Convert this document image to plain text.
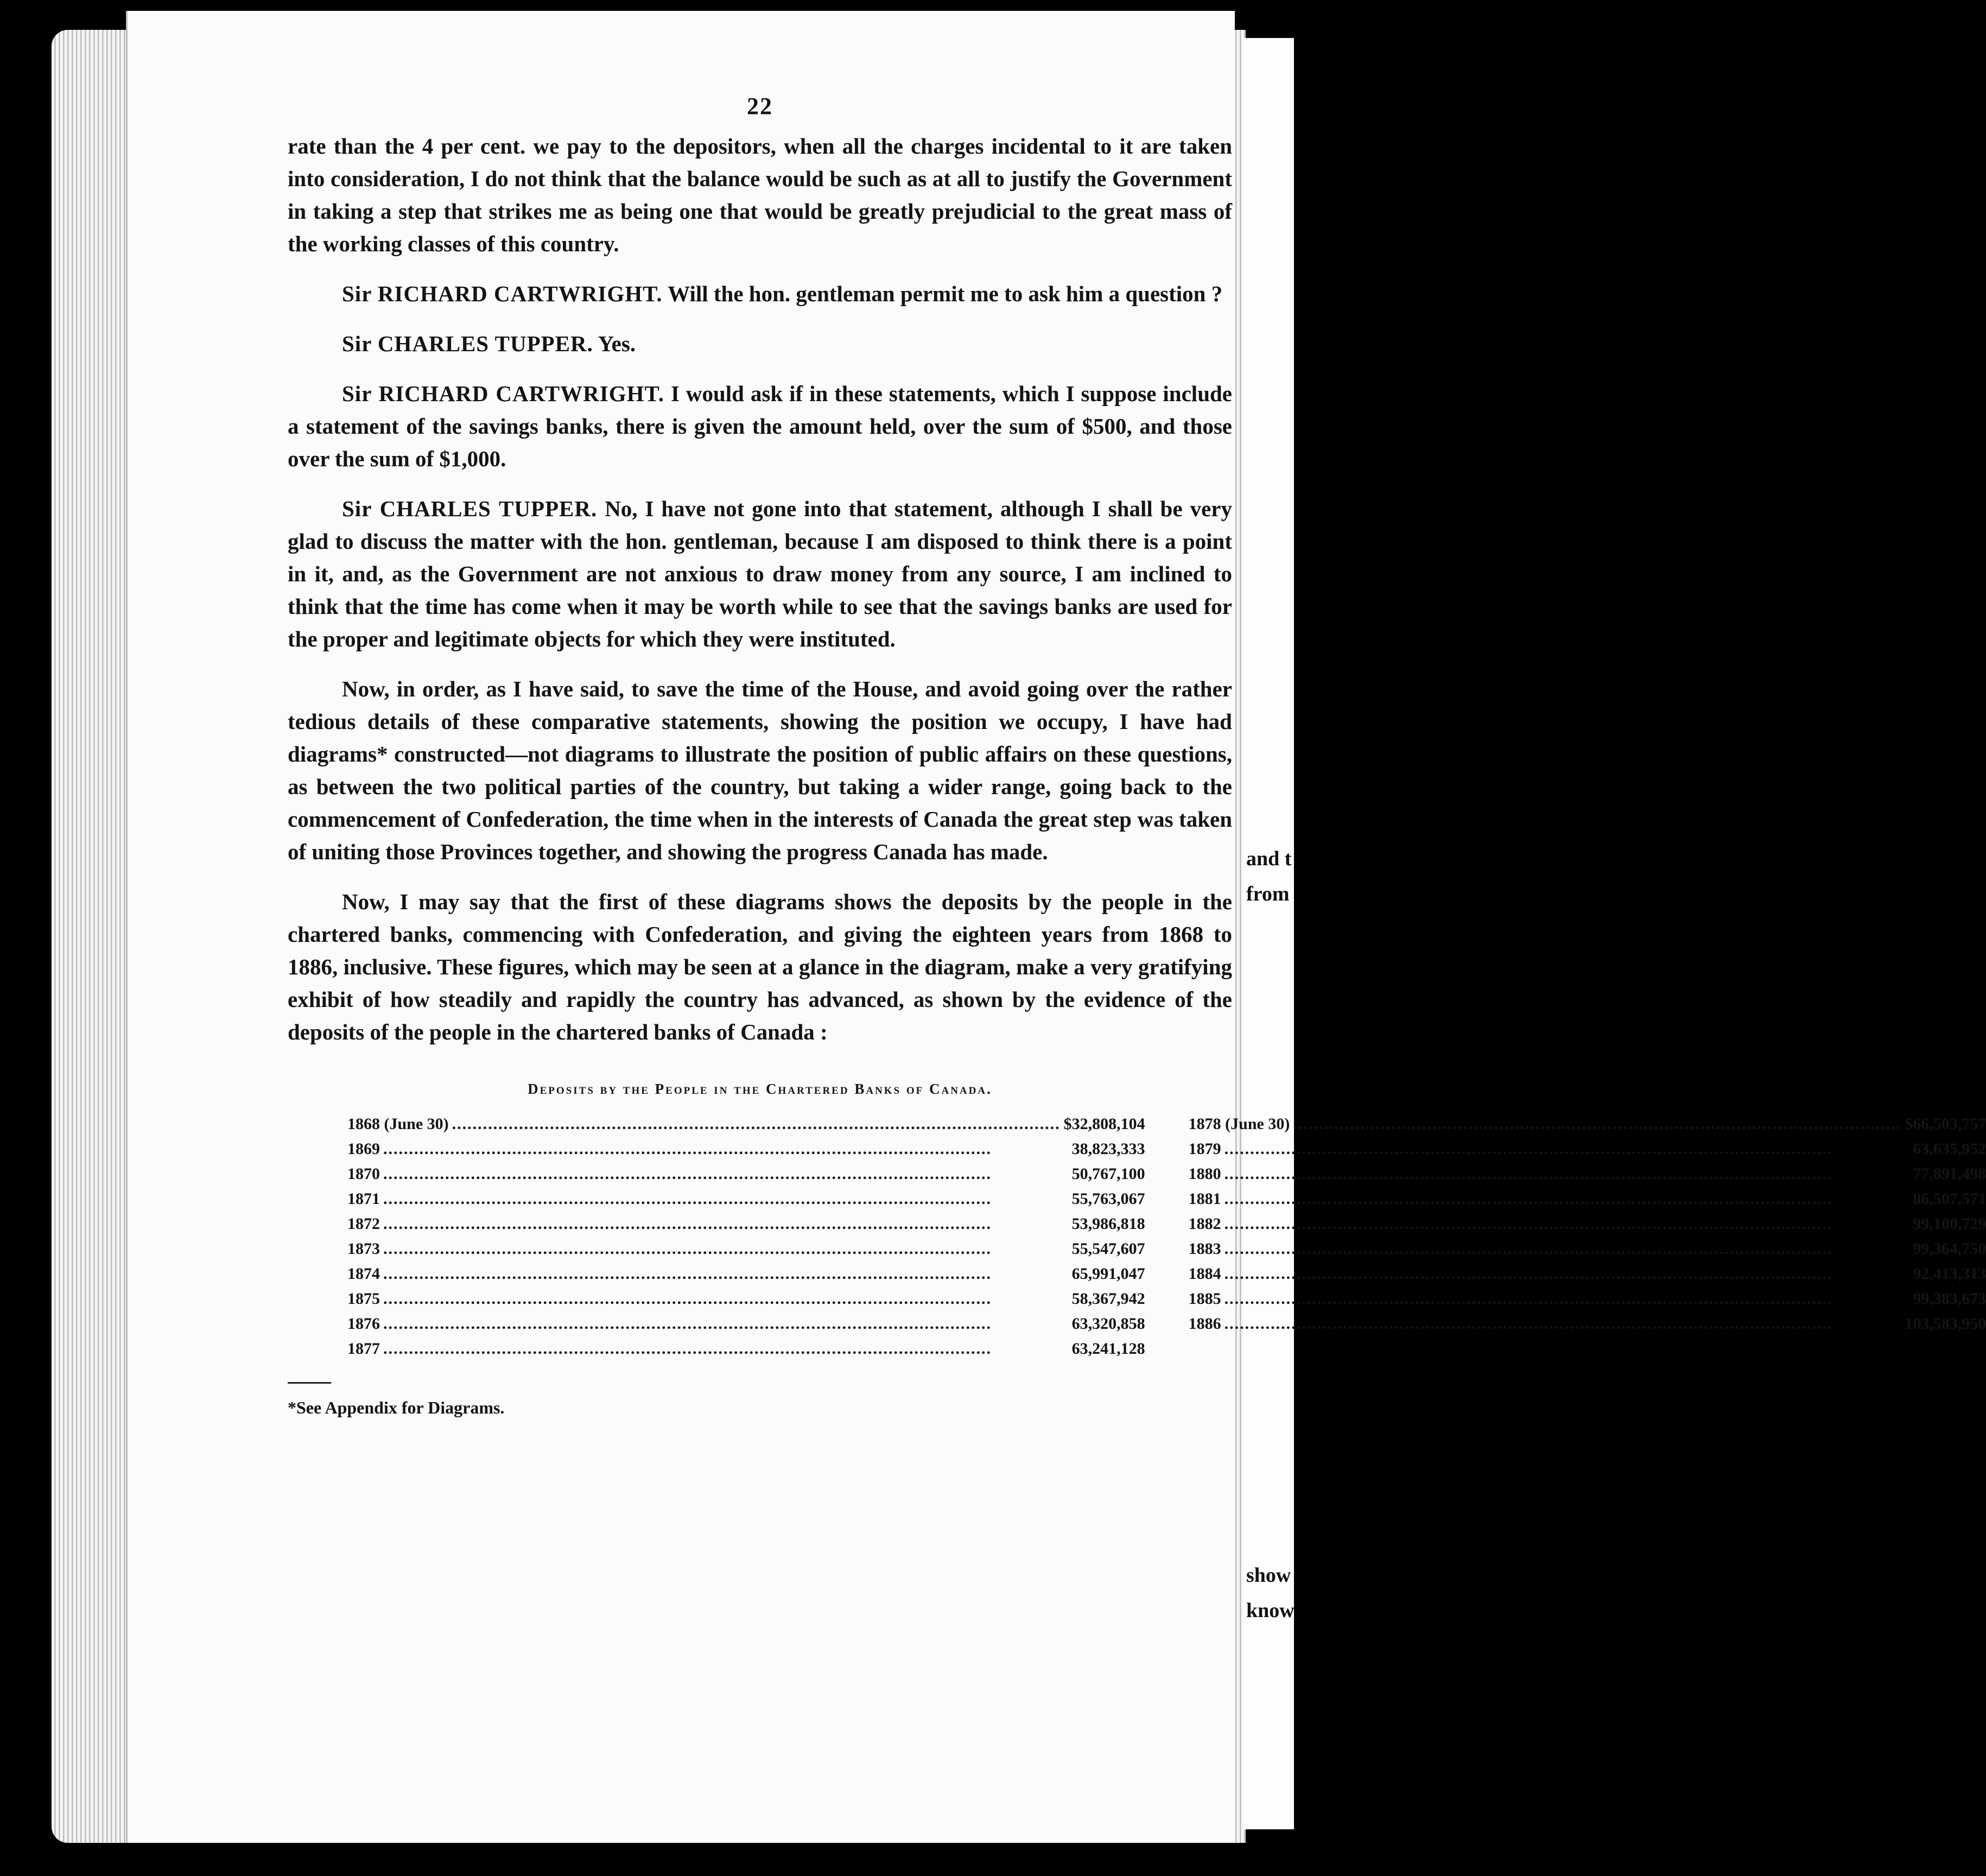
and t
from
show
know
22

rate than the 4 per cent. we pay to the depositors, when all the charges incidental to it are taken into consideration, I do not think that the balance would be such as at all to justify the Government in taking a step that strikes me as being one that would be greatly prejudicial to the great mass of the working classes of this country.

Sir RICHARD CARTWRIGHT. Will the hon. gentleman permit me to ask him a question ?

Sir CHARLES TUPPER. Yes.

Sir RICHARD CARTWRIGHT. I would ask if in these statements, which I suppose include a statement of the savings banks, there is given the amount held, over the sum of $500, and those over the sum of $1,000.

Sir CHARLES TUPPER. No, I have not gone into that statement, although I shall be very glad to discuss the matter with the hon. gentleman, because I am disposed to think there is a point in it, and, as the Government are not anxious to draw money from any source, I am inclined to think that the time has come when it may be worth while to see that the savings banks are used for the proper and legitimate objects for which they were instituted.

Now, in order, as I have said, to save the time of the House, and avoid going over the rather tedious details of these comparative statements, showing the position we occupy, I have had diagrams* constructed—not diagrams to illustrate the position of public affairs on these questions, as between the two political parties of the country, but taking a wider range, going back to the commencement of Confederation, the time when in the interests of Canada the great step was taken of uniting those Provinces together, and showing the progress Canada has made.

Now, I may say that the first of these diagrams shows the deposits by the people in the chartered banks, commencing with Confederation, and giving the eighteen years from 1868 to 1886, inclusive. These figures, which may be seen at a glance in the diagram, make a very gratifying exhibit of how steadily and rapidly the country has advanced, as shown by the evidence of the deposits of the people in the chartered banks of Canada :

Deposits by the People in the Chartered Banks of Canada.
1868 (June 30) .....	$32,808,104
1869 .....	38,823,333
1870 .....	50,767,100
1871 .....	55,763,067
1872 .....	53,986,818
1873 .....	55,547,607
1874 .....	65,991,047
1875 .....	58,367,942
1876 .....	63,320,858
1877 .....	63,241,128
1878 (June 30) .....	$66,503,757
1879 .....	63,635,952
1880 .....	77,891,498
1881 .....	86,507,571
1882 .....	99,100,729
1883 .....	99,364,750
1884 .....	92,413,313
1885 .....	99,383,673
1886 .....	103,583,950
*See Appendix for Diagrams.
